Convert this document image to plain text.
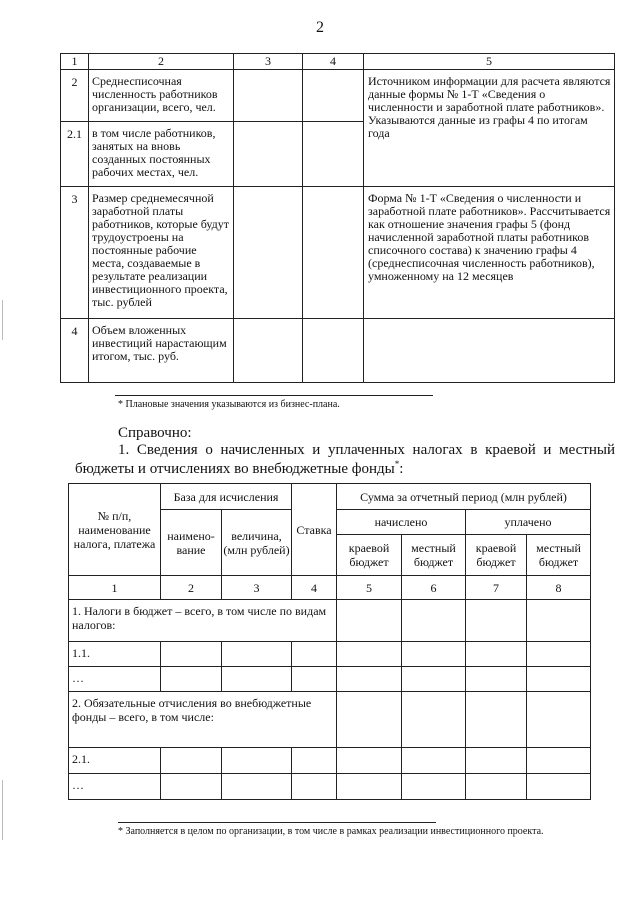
2
1	2	3	4	5
2	Среднесписочная численность работников организации, всего, чел.			Источником информации для расчета являются данные формы № 1-Т «Сведения о численности и заработной плате работников». Указываются данные из графы 4 по итогам года
2.1	в том числе работников, занятых на вновь созданных постоянных рабочих местах, чел.			
3	Размер среднемесячной заработной платы работников, которые будут трудоустроены на постоянные рабочие места, создаваемые в результате реализации инвестиционного проекта, тыс. рублей			Форма № 1-Т «Сведения о численности и заработной плате работников». Рассчитывается как отношение значения графы 5 (фонд начисленной заработной платы работников списочного состава) к значению графы 4 (среднесписочная численность работников), умноженному на 12 месяцев
4	Объем вложенных инвестиций нарастающим итогом, тыс. руб.			
* Плановые значения указываются из бизнес-плана.
Справочно:
1. Сведения о начисленных и уплаченных налогах в краевой и местный бюджеты и отчислениях во внебюджетные фонды*:
№ п/п, наименование налога, платежа	База для исчисления		Ставка	Сумма за отчетный период (млн рублей)			
	наимено-вание	величина, (млн рублей)		начислено		уплачено	
				краевой бюджет	местный бюджет	краевой бюджет	местный бюджет
1	2	3	4	5	6	7	8
1. Налоги в бюджет – всего, в том числе по видам налогов:							
1.1.							
…							
2. Обязательные отчисления во внебюджетные фонды – всего, в том числе:							
2.1.							
…							
* Заполняется в целом по организации, в том числе в рамках реализации инвестиционного проекта.
